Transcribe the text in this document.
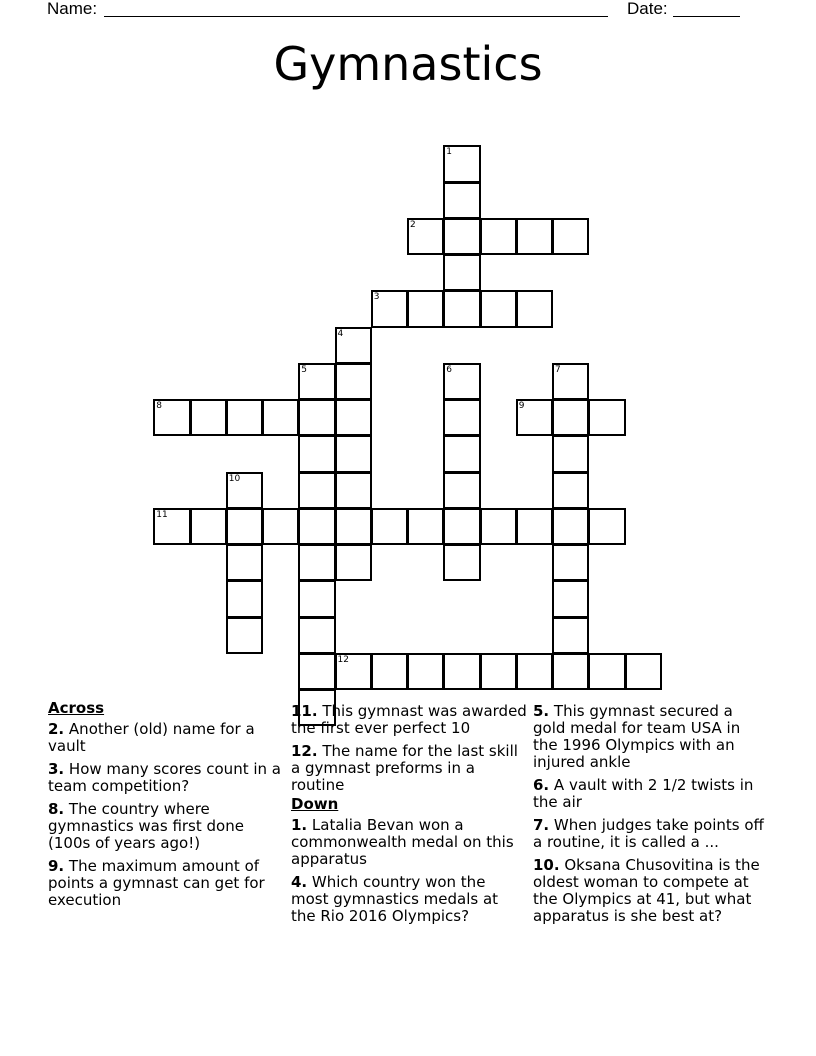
Name:	Date:
Gymnastics
1
2
3
4
5	6	7
8	9
10
11
12
Across
2. Another (old) name for a vault
3. How many scores count in a team competition?
8. The country where gymnastics was first done (100s of years ago!)
9. The maximum amount of points a gymnast can get for execution
11. This gymnast was awarded the first ever perfect 10
12. The name for the last skill a gymnast preforms in a routine
Down
1. Latalia Bevan won a commonwealth medal on this apparatus
4. Which country won the most gymnastics medals at the Rio 2016 Olympics?
5. This gymnast secured a gold medal for team USA in the 1996 Olympics with an injured ankle
6. A vault with 2 1/2 twists in the air
7. When judges take points off a routine, it is called a ...
10. Oksana Chusovitina is the oldest woman to compete at the Olympics at 41, but what apparatus is she best at?
